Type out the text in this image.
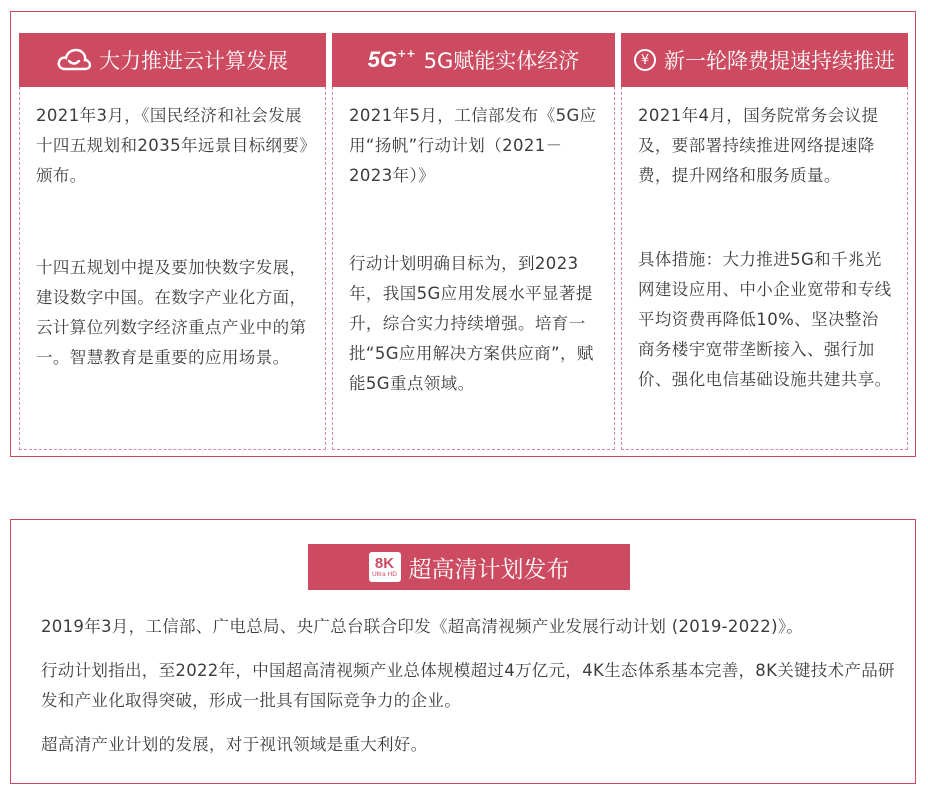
大力推进云计算发展
2021年3月，《国民经济和社会发展十四五规划和2035年远景目标纲要》颁布。
十四五规划中提及要加快数字发展，建设数字中国。在数字产业化方面，云计算位列数字经济重点产业中的第一。智慧教育是重要的应用场景。
5G ++ 5G赋能实体经济
2021年5月，工信部发布《5G应用“扬帆”行动计划（2021－2023年）》
行动计划明确目标为，到2023年，我国5G应用发展水平显著提升，综合实力持续增强。培育一批“5G应用解决方案供应商”，赋能5G重点领域。
¥ 新一轮降费提速持续推进
2021年4月，国务院常务会议提及，要部署持续推进网络提速降费，提升网络和服务质量。
具体措施：大力推进5G和千兆光网建设应用、中小企业宽带和专线平均资费再降低10%、坚决整治商务楼宇宽带垄断接入、强行加价、强化电信基础设施共建共享。
8K
Ultra HD 超高清计划发布
2019年3月，工信部、广电总局、央广总台联合印发《超高清视频产业发展行动计划 (2019-2022)》。
行动计划指出，至2022年，中国超高清视频产业总体规模超过4万亿元，4K生态体系基本完善，8K关键技术产品研发和产业化取得突破，形成一批具有国际竞争力的企业。
超高清产业计划的发展，对于视讯领域是重大利好。
